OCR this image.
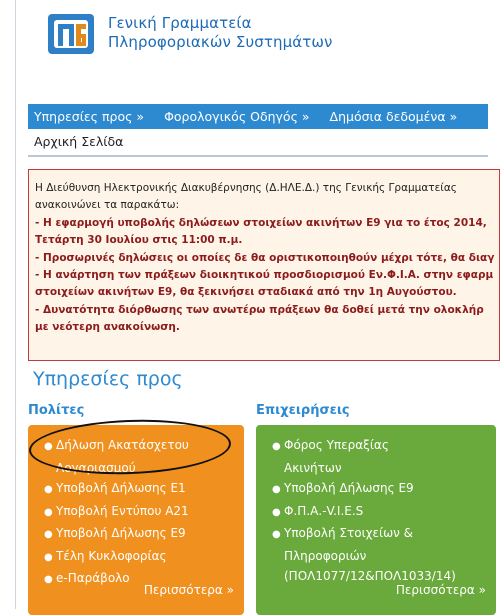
Γενική Γραμματεία
Πληροφοριακών Συστημάτων
Υπηρεσίες προς »	Φορολογικός Οδηγός »	Δημόσια δεδομένα »
Αρχική Σελίδα

Η Διεύθυνση Ηλεκτρονικής Διακυβέρνησης (Δ.ΗΛΕ.Δ.) της Γενικής Γραμματείας

ανακοινώνει τα παρακάτω:

- Η εφαρμογή υποβολής δηλώσεων στοιχείων ακινήτων Ε9 για το έτος 2014,

Τετάρτη 30 Ιουλίου στις 11:00 π.μ.

- Προσωρινές δηλώσεις οι οποίες δε θα οριστικοποιηθούν μέχρι τότε, θα διαγ

- Η ανάρτηση των πράξεων διοικητικού προσδιορισμού Εν.Φ.Ι.Α. στην εφαρμ

στοιχείων ακινήτων Ε9, θα ξεκινήσει σταδιακά από την 1η Αυγούστου.

- Δυνατότητα διόρθωσης των ανωτέρω πράξεων θα δοθεί μετά την ολοκλήρ

με νεότερη ανακοίνωση.

Υπηρεσίες προς
Πολίτες	Επιχειρήσεις
● Δήλωση Ακατάσχετου
Λογαριασμού
● Υποβολή Δήλωσης Ε1
● Υποβολή Εντύπου Α21
● Υποβολή Δήλωσης Ε9
● Τέλη Κυκλοφορίας
● e-Παράβολο
Περισσότερα »
● Φόρος Υπεραξίας
Ακινήτων
● Υποβολή Δήλωσης Ε9
● Φ.Π.Α.-V.I.E.S
● Υποβολή Στοιχείων &
Πληροφοριών
(ΠΟΛ1077/12&ΠΟΛ1033/14)
Περισσότερα »
